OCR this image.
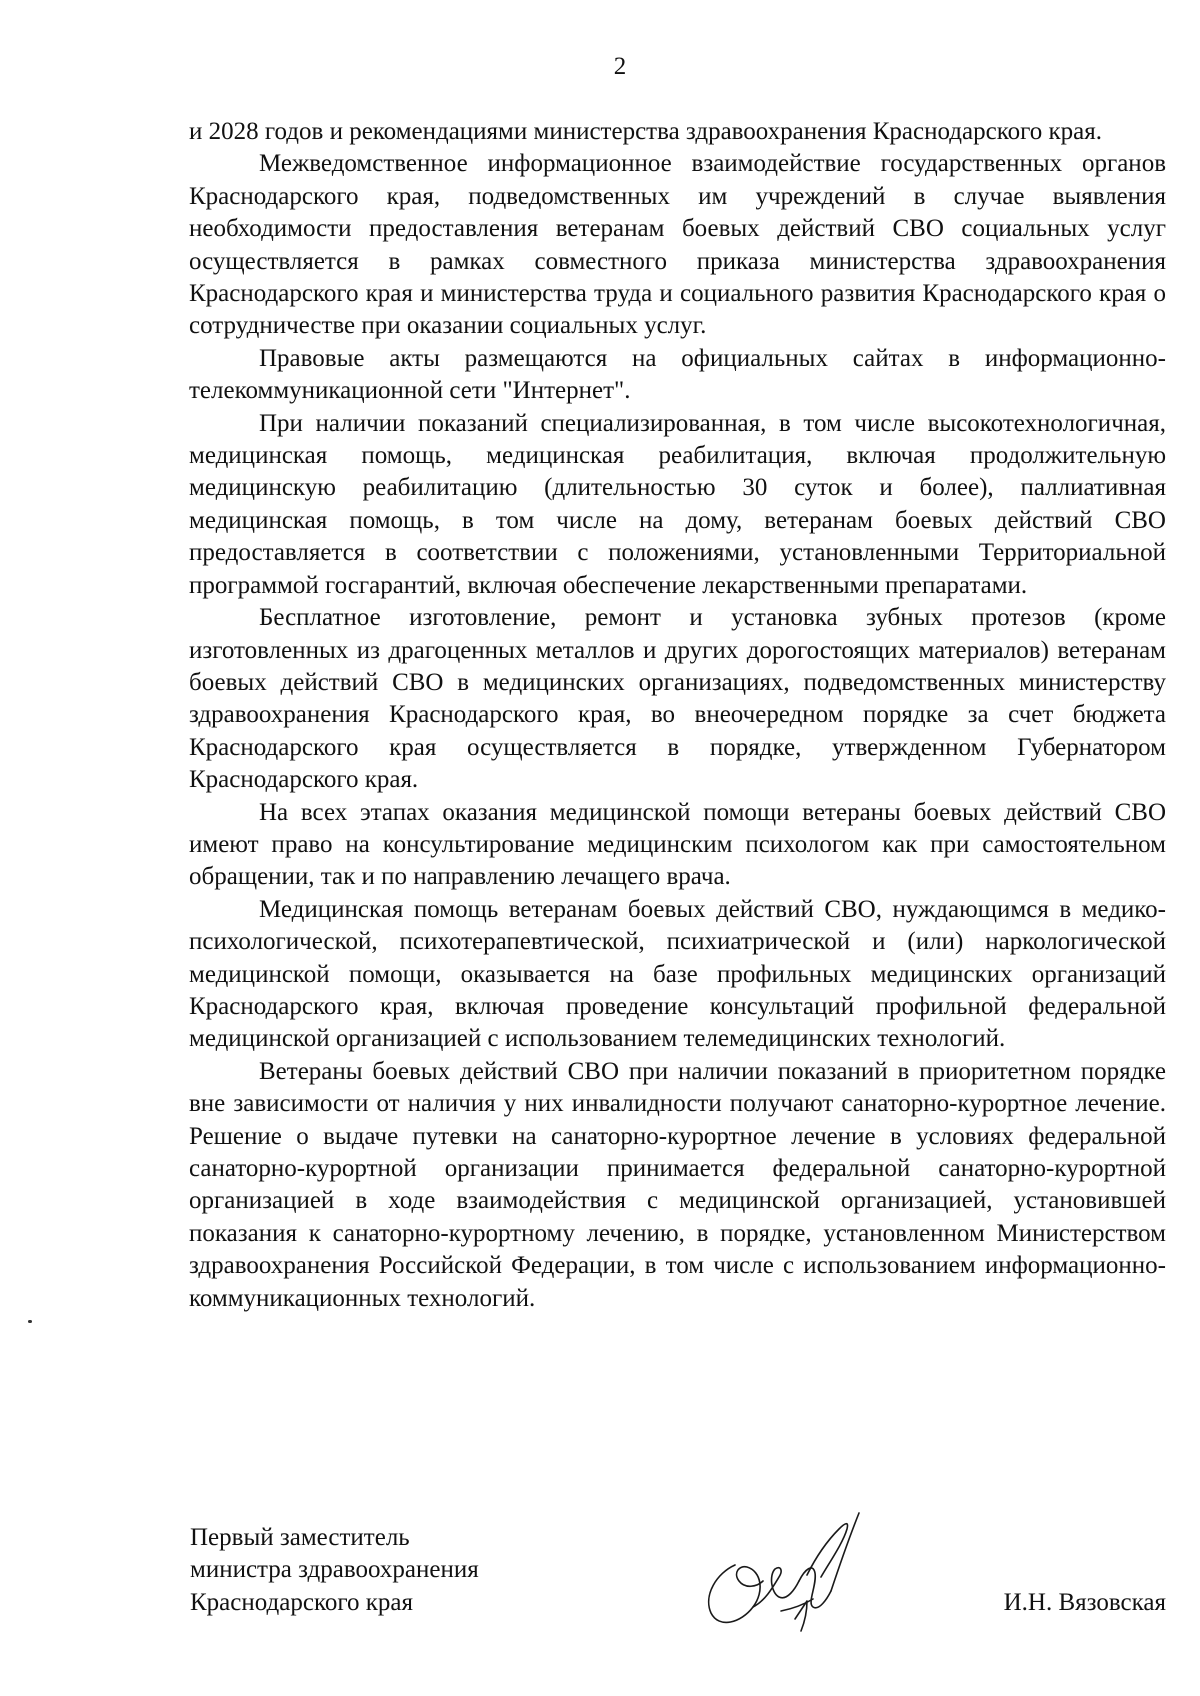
2

и 2028 годов и рекомендациями министерства здравоохранения Краснодарского края.

Межведомственное информационное взаимодействие государственных органов Краснодарского края, подведомственных им учреждений в случае выявления необходимости предоставления ветеранам боевых действий СВО социальных услуг осуществляется в рамках совместного приказа министерства здравоохранения Краснодарского края и министерства труда и социального развития Краснодарского края о сотрудничестве при оказании социальных услуг.

Правовые акты размещаются на официальных сайтах в информационно-телекоммуникационной сети "Интернет".

При наличии показаний специализированная, в том числе высокотехнологичная, медицинская помощь, медицинская реабилитация, включая продолжительную медицинскую реабилитацию (длительностью 30 суток и более), паллиативная медицинская помощь, в том числе на дому, ветеранам боевых действий СВО предоставляется в соответствии с положениями, установленными Территориальной программой госгарантий, включая обеспечение лекарственными препаратами.

Бесплатное изготовление, ремонт и установка зубных протезов (кроме изготовленных из драгоценных металлов и других дорогостоящих материалов) ветеранам боевых действий СВО в медицинских организациях, подведомственных министерству здравоохранения Краснодарского края, во внеочередном порядке за счет бюджета Краснодарского края осуществляется в порядке, утвержденном Губернатором Краснодарского края.

На всех этапах оказания медицинской помощи ветераны боевых действий СВО имеют право на консультирование медицинским психологом как при самостоятельном обращении, так и по направлению лечащего врача.

Медицинская помощь ветеранам боевых действий СВО, нуждающимся в медико-психологической, психотерапевтической, психиатрической и (или) наркологической медицинской помощи, оказывается на базе профильных медицинских организаций Краснодарского края, включая проведение консультаций профильной федеральной медицинской организацией с использованием телемедицинских технологий.

Ветераны боевых действий СВО при наличии показаний в приоритетном порядке вне зависимости от наличия у них инвалидности получают санаторно-курортное лечение. Решение о выдаче путевки на санаторно-курортное лечение в условиях федеральной санаторно-курортной организации принимается федеральной санаторно-курортной организацией в ходе взаимодействия с медицинской организацией, установившей показания к санаторно-курортному лечению, в порядке, установленном Министерством здравоохранения Российской Федерации, в том числе с использованием информационно-коммуникационных технологий.

Первый заместитель
министра здравоохранения
Краснодарского края	И.Н. Вязовская
